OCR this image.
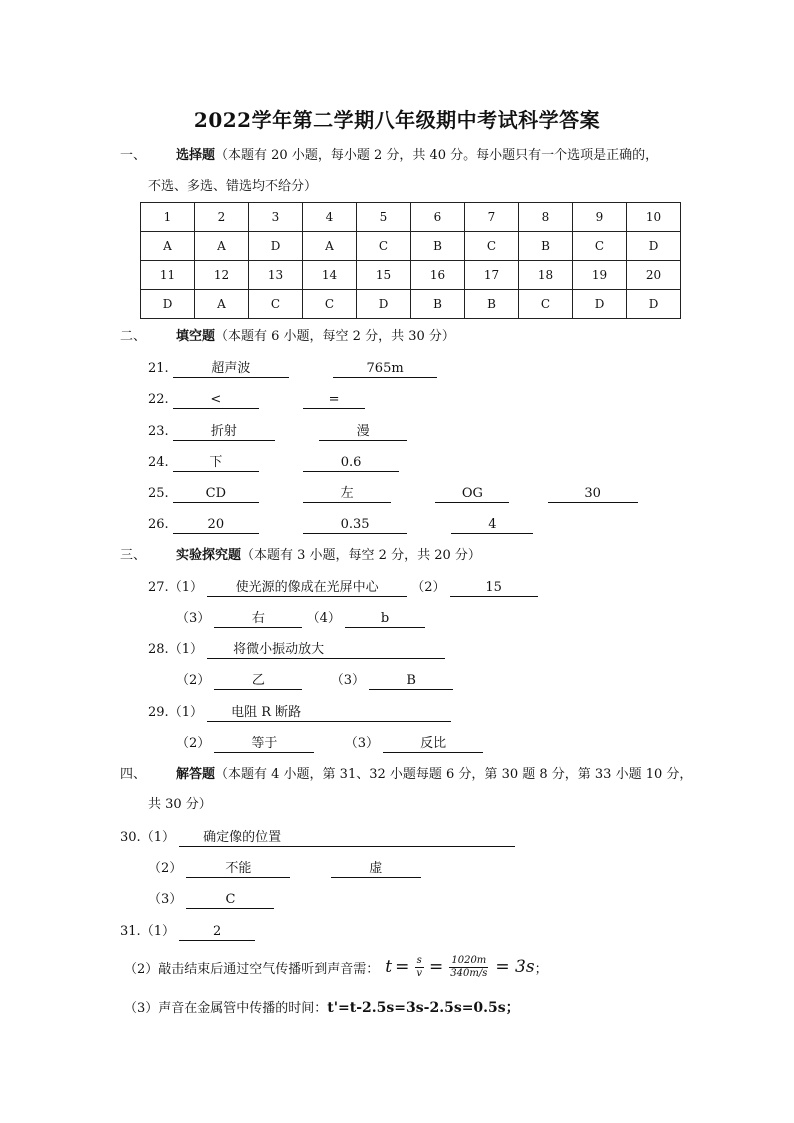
2022学年第二学期八年级期中考试科学答案
一、 选择题（本题有 20 小题，每小题 2 分，共 40 分。每小题只有一个选项是正确的，
不选、多选、错选均不给分）
1	2	3	4	5	6	7	8	9	10
A	A	D	A	C	B	C	B	C	D
11	12	13	14	15	16	17	18	19	20
D	A	C	C	D	B	B	C	D	D
二、 填空题（本题有 6 小题，每空 2 分，共 30 分）
21.	超声波	765m
22.	<	=
23.	折射	漫
24.	下	0.6
25.	CD	左	OG	30
26.	20	0.35	4
三、 实验探究题（本题有 3 小题，每空 2 分，共 20 分）
27.（1）	使光源的像成在光屏中心	（2）	15
（3）	右	（4）	b
28.（1） 将微小振动放大
（2）	乙	（3）	B
29.（1） 电阻 R 断路
（2）	等于	（3）	反比
四、 解答题（本题有 4 小题，第 31、32 小题每题 6 分，第 30 题 8 分，第 33 小题 10 分，
共 30 分）
30.（1） 确定像的位置
（2）	不能	虚
（3）	C
31.（1）	2
（2） 敲击结束后通过空气传播听到声音需： $t = \frac{s}{v} = \frac{1020m}{340m/s} = 3s$ ；
（3）声音在金属管中传播的时间：t'=t-2.5s=3s-2.5s=0.5s；
